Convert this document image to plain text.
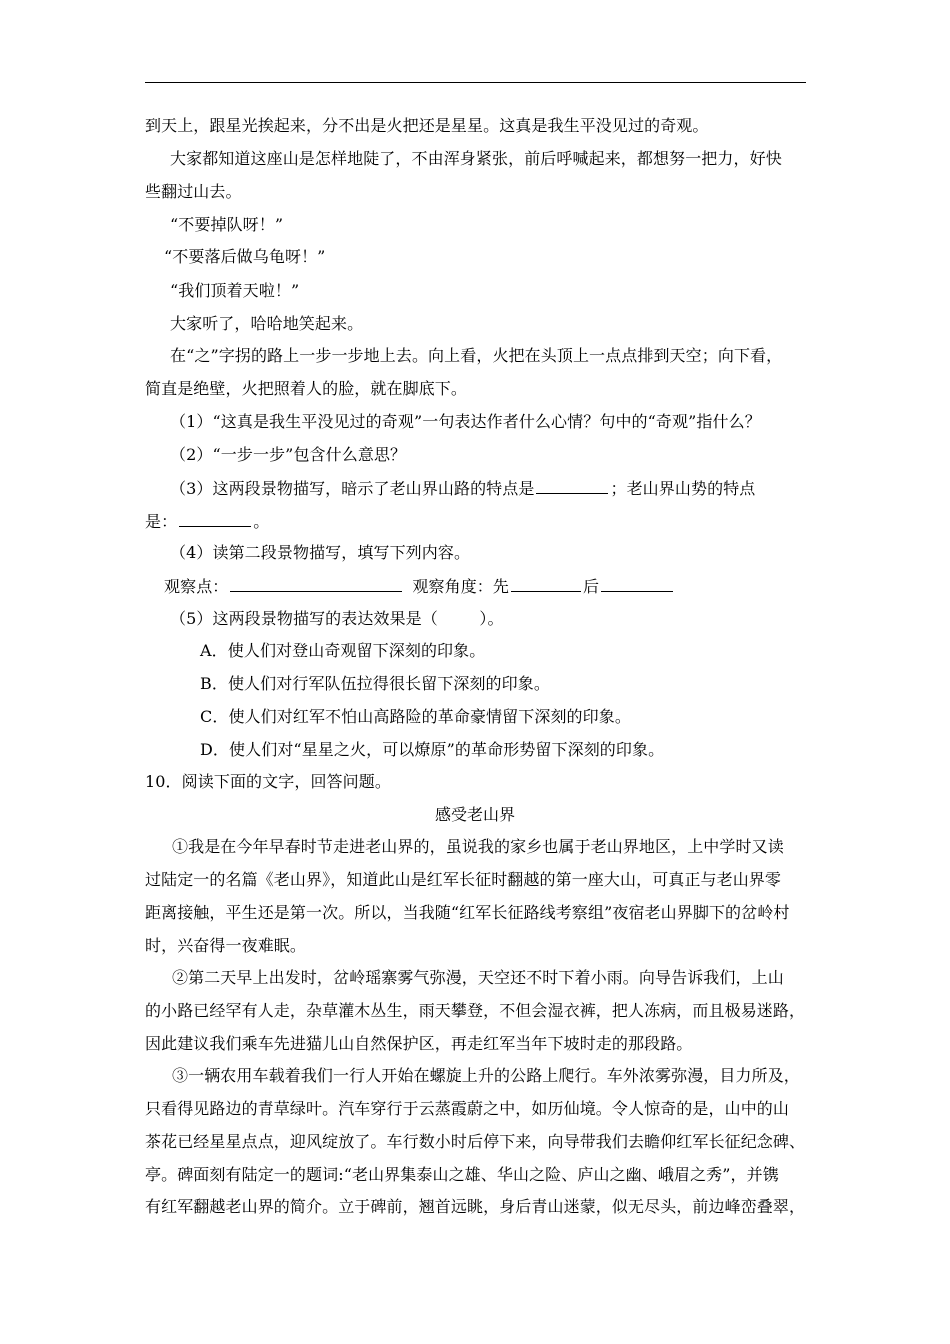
到天上，跟星光挨起来，分不出是火把还是星星。这真是我生平没见过的奇观。
大家都知道这座山是怎样地陡了，不由浑身紧张，前后呼喊起来，都想努一把力，好快
些翻过山去。
“不要掉队呀！”
“不要落后做乌龟呀！”
“我们顶着天啦！”
大家听了，哈哈地笑起来。
在“之”字拐的路上一步一步地上去。向上看，火把在头顶上一点点排到天空；向下看，
简直是绝壁，火把照着人的脸，就在脚底下。
（1）“这真是我生平没见过的奇观”一句表达作者什么心情？句中的“奇观”指什么？
（2）“一步一步”包含什么意思？
（3）这两段景物描写，暗示了老山界山路的特点是	；老山界山势的特点
是：	。
（4）读第二段景物描写，填写下列内容。
观察点：	观察角度：先	后
（5）这两段景物描写的表达效果是（        ）。
A．使人们对登山奇观留下深刻的印象。
B．使人们对行军队伍拉得很长留下深刻的印象。
C．使人们对红军不怕山高路险的革命豪情留下深刻的印象。
D．使人们对“星星之火，可以燎原”的革命形势留下深刻的印象。
10．阅读下面的文字，回答问题。
感受老山界
①我是在今年早春时节走进老山界的，虽说我的家乡也属于老山界地区，上中学时又读
过陆定一的名篇《老山界》，知道此山是红军长征时翻越的第一座大山，可真正与老山界零
距离接触，平生还是第一次。所以，当我随“红军长征路线考察组”夜宿老山界脚下的岔岭村
时，兴奋得一夜难眠。
②第二天早上出发时，岔岭瑶寨雾气弥漫，天空还不时下着小雨。向导告诉我们，上山
的小路已经罕有人走，杂草灌木丛生，雨天攀登，不但会湿衣裤，把人冻病，而且极易迷路，
因此建议我们乘车先进猫儿山自然保护区，再走红军当年下坡时走的那段路。
③一辆农用车载着我们一行人开始在螺旋上升的公路上爬行。车外浓雾弥漫，目力所及，
只看得见路边的青草绿叶。汽车穿行于云蒸霞蔚之中，如历仙境。令人惊奇的是，山中的山
茶花已经星星点点，迎风绽放了。车行数小时后停下来，向导带我们去瞻仰红军长征纪念碑、
亭。碑面刻有陆定一的题词:“老山界集泰山之雄、华山之险、庐山之幽、峨眉之秀”，并镌
有红军翻越老山界的简介。立于碑前，翘首远眺，身后青山迷蒙，似无尽头，前边峰峦叠翠，
